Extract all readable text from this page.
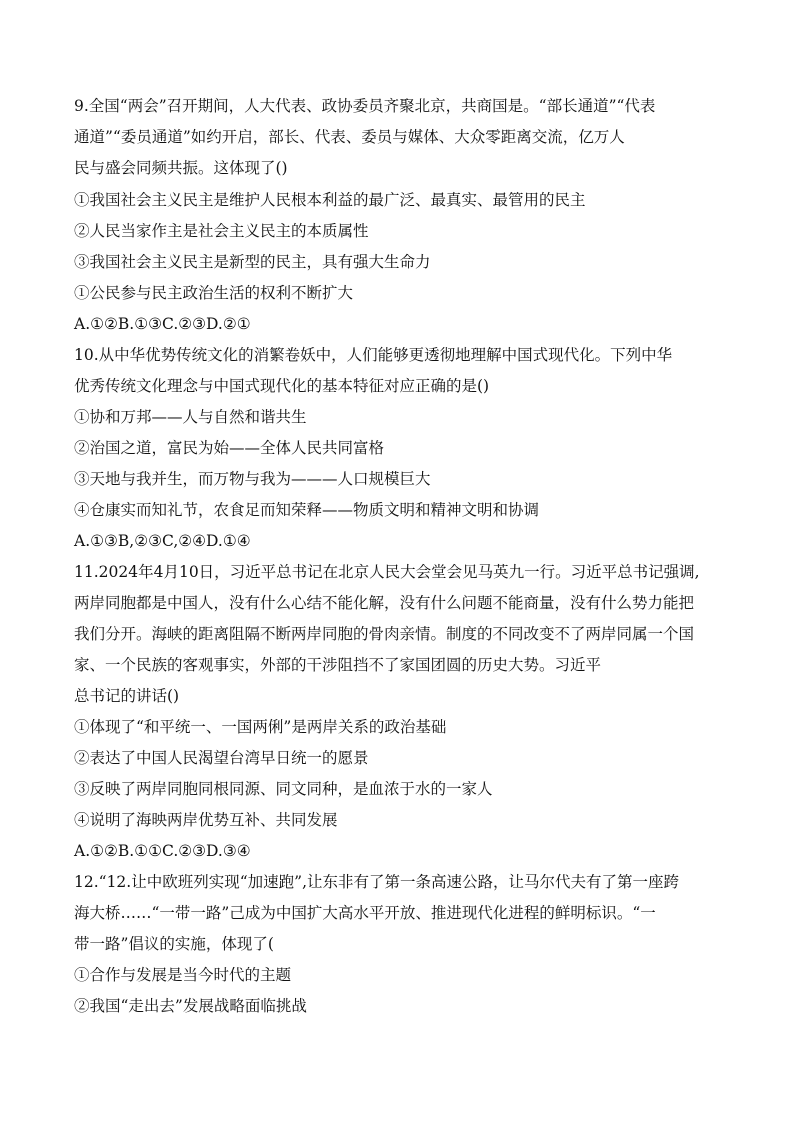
9.全国“两会”召开期间，人大代表、政协委员齐聚北京，共商国是。“部长通道”“代表
通道”“委员通道”如约开启，部长、代表、委员与媒体、大众零距离交流，亿万人
民与盛会同频共振。这体现了()
①我国社会主义民主是维护人民根本利益的最广泛、最真实、最管用的民主
②人民当家作主是社会主义民主的本质属性
③我国社会主义民主是新型的民主，具有强大生命力
①公民参与民主政治生活的权利不断扩大
A.①②B.①③C.②③D.②①
10.从中华优势传统文化的消繁卷妖中，人们能够更透彻地理解中国式现代化。下列中华
优秀传统文化理念与中国式现代化的基本特征对应正确的是()
①协和万邦——人与自然和谐共生
②治国之道，富民为始——全体人民共同富格
③天地与我并生，而万物与我为———人口规模巨大
④仓康实而知礼节，农食足而知荣释——物质文明和精神文明和协调
A.①③B,②③C,②④D.①④
11.2024年4月10日，习近平总书记在北京人民大会堂会见马英九一行。习近平总书记强调,
两岸同胞都是中国人，没有什么心结不能化解，没有什么问题不能商量，没有什么势力能把
我们分开。海峡的距离阻隔不断两岸同胞的骨肉亲情。制度的不同改变不了两岸同属一个国
家、一个民族的客观事实，外部的干涉阻挡不了家国团圆的历史大势。习近平
总书记的讲话()
①体现了“和平统一、一国两俐”是两岸关系的政治基础
②表达了中国人民渴望台湾早日统一的愿景
③反映了两岸同胞同根同源、同文同种，是血浓于水的一家人
④说明了海映两岸优势互补、共同发展
A.①②B.①①C.②③D.③④
12.“12.让中欧班列实现“加速跑”,让东非有了第一条高速公路，让马尔代夫有了第一座跨
海大桥……“一带一路”己成为中国扩大高水平开放、推进现代化进程的鲜明标识。“一
带一路”倡议的实施，体现了(
①合作与发展是当今时代的主题
②我国“走出去”发展战略面临挑战
